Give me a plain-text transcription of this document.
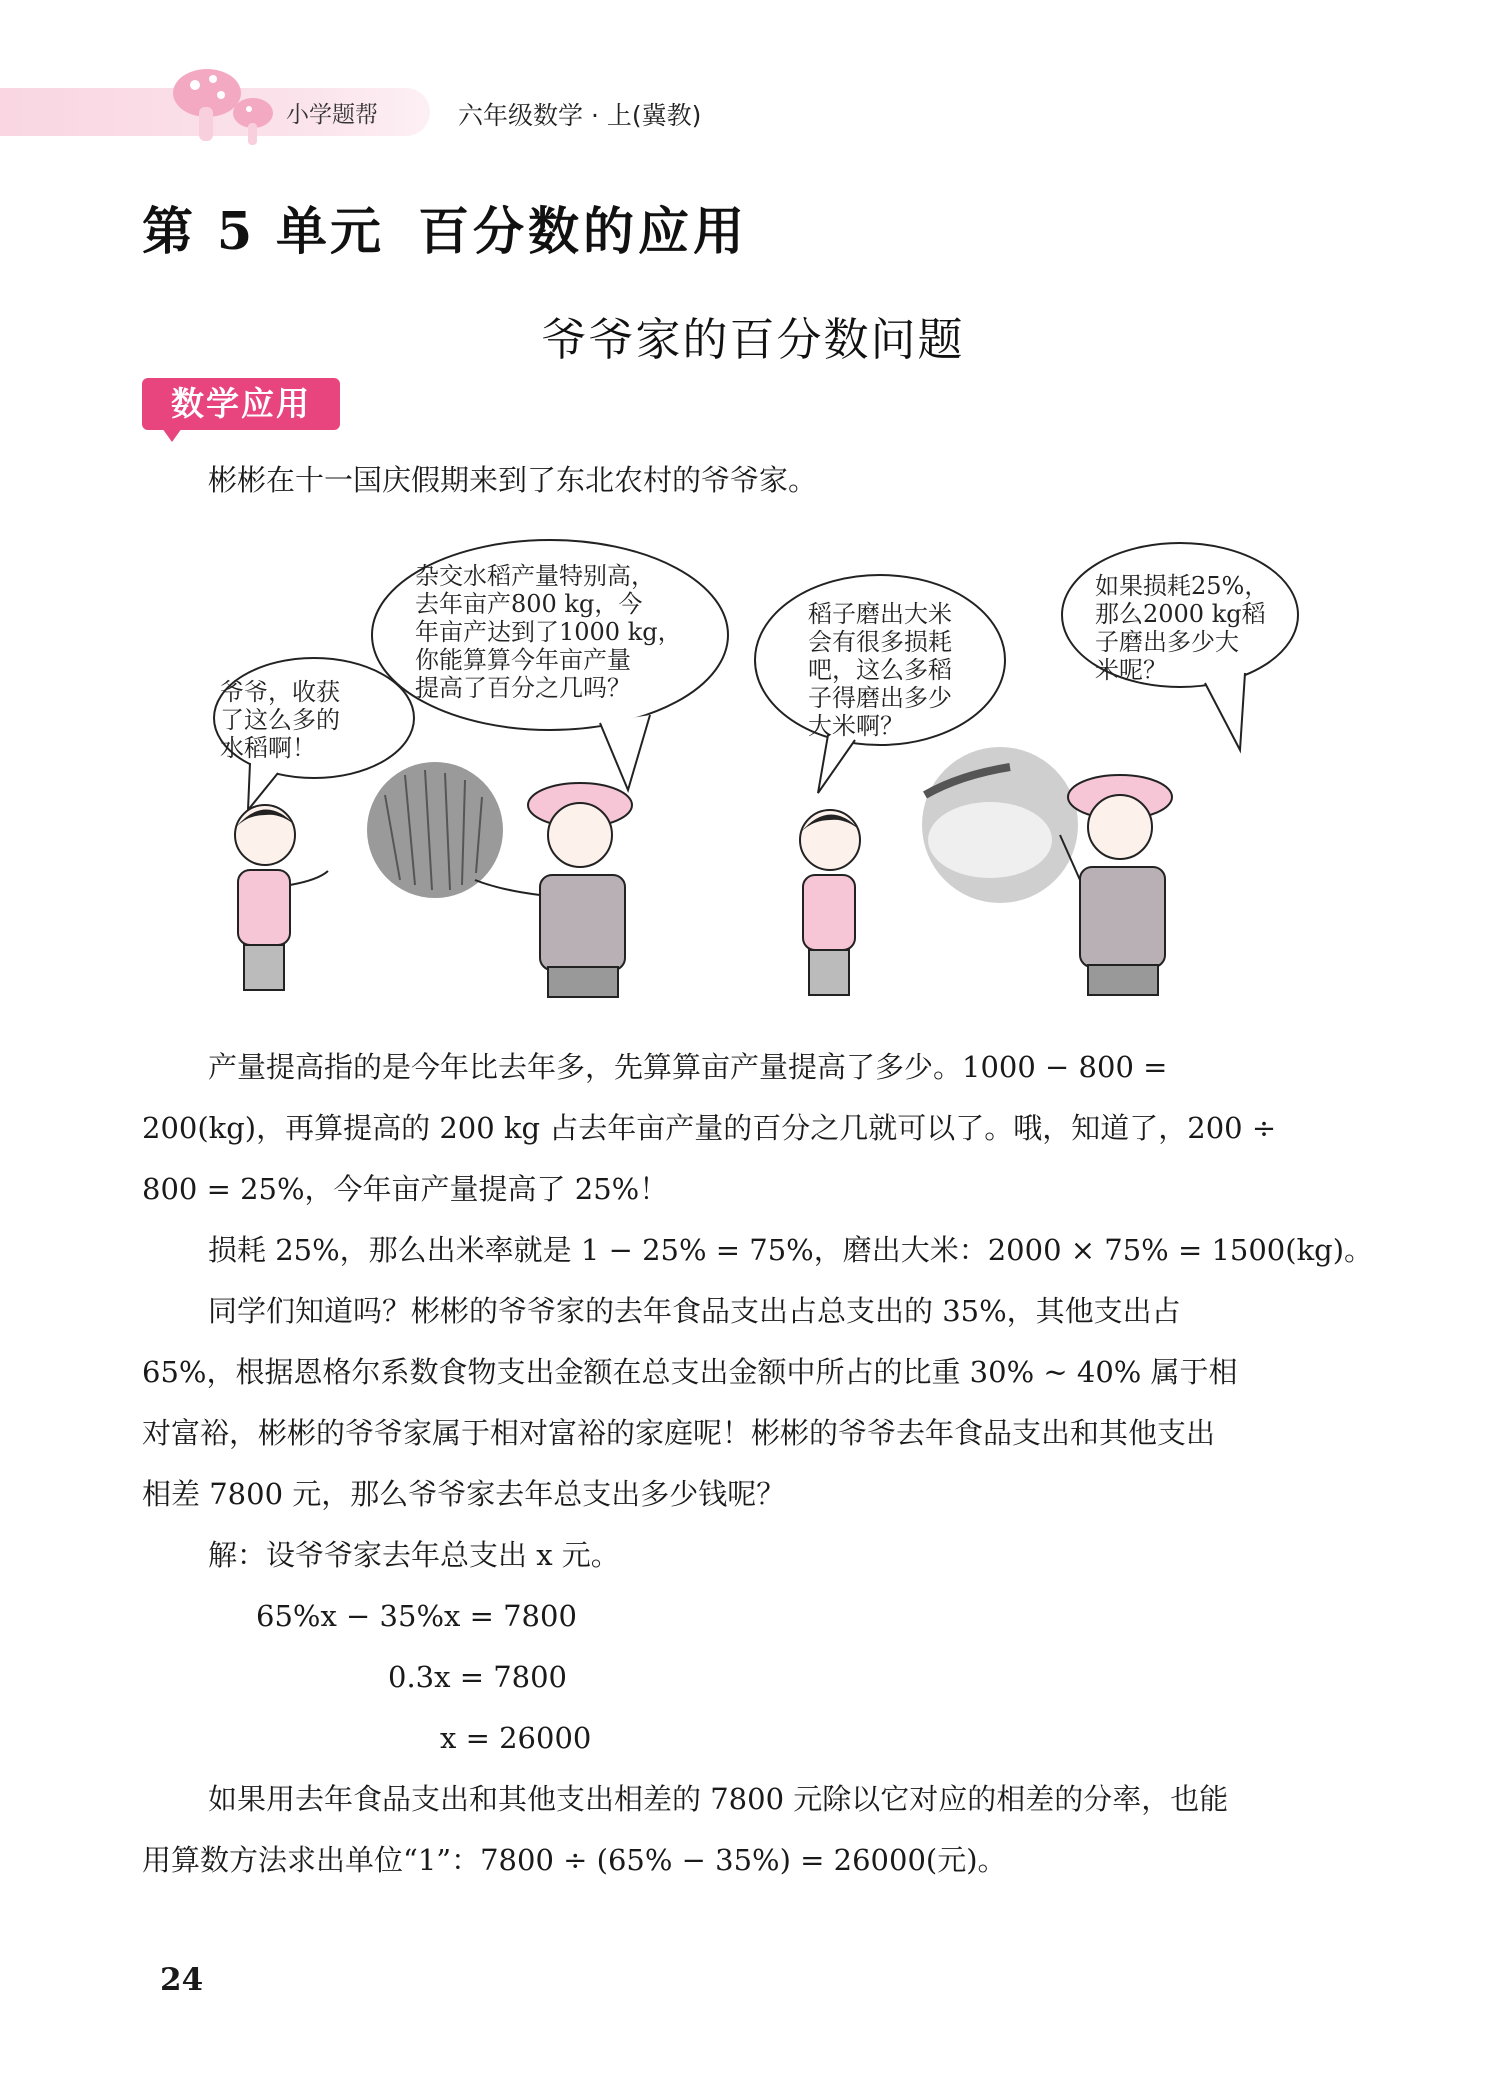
小学题帮	六年级数学 · 上(冀教)
第 5 单元 百分数的应用
爷爷家的百分数问题
数学应用
彬彬在十一国庆假期来到了东北农村的爷爷家。
爷爷，收获
了这么多的
水稻啊！
杂交水稻产量特别高，
去年亩产800 kg，今
年亩产达到了1000 kg，
你能算算今年亩产量
提高了百分之几吗？
稻子磨出大米
会有很多损耗
吧，这么多稻
子得磨出多少
大米啊？
如果损耗25%，
那么2000 kg稻
子磨出多少大
米呢？
产量提高指的是今年比去年多，先算算亩产量提高了多少。1000 − 800 =
200(kg)，再算提高的 200 kg 占去年亩产量的百分之几就可以了。哦，知道了，200 ÷
800 = 25%，今年亩产量提高了 25%！
损耗 25%，那么出米率就是 1 − 25% = 75%，磨出大米：2000 × 75% = 1500(kg)。
同学们知道吗？彬彬的爷爷家的去年食品支出占总支出的 35%，其他支出占
65%，根据恩格尔系数食物支出金额在总支出金额中所占的比重 30% ~ 40% 属于相
对富裕，彬彬的爷爷家属于相对富裕的家庭呢！彬彬的爷爷去年食品支出和其他支出
相差 7800 元，那么爷爷家去年总支出多少钱呢？
解：设爷爷家去年总支出 x 元。
65%x − 35%x = 7800
0.3x = 7800
x = 26000
如果用去年食品支出和其他支出相差的 7800 元除以它对应的相差的分率，也能
用算数方法求出单位“1”：7800 ÷ (65% − 35%) = 26000(元)。
24
